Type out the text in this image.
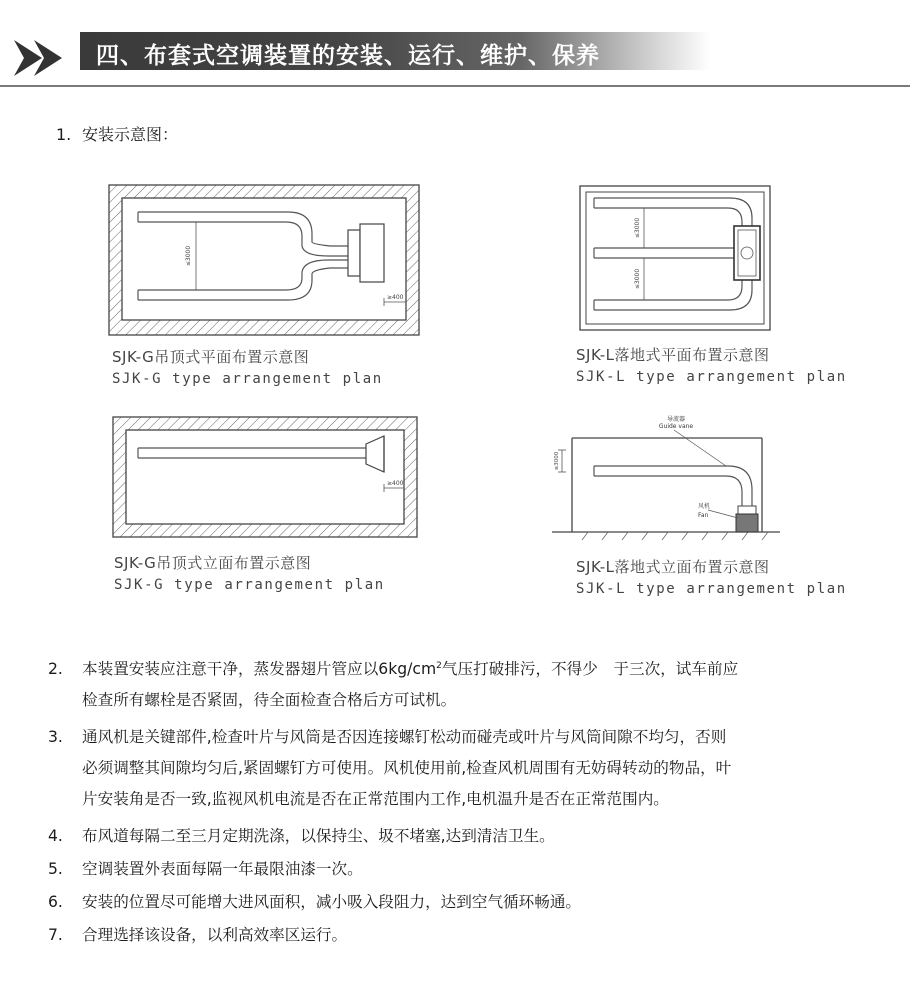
四、布套式空调装置的安装、运行、维护、保养
1. 安装示意图：
≤3000
≥400
SJK-G吊顶式平面布置示意图
SJK-G type arrangement plan
≤3000
≤3000
SJK-L落地式平面布置示意图
SJK-L type arrangement plan
≥400
SJK-G吊顶式立面布置示意图
SJK-G type arrangement plan
≤3000
导流器
Guide vane
风机
Fan
SJK-L落地式立面布置示意图
SJK-L type arrangement plan
2.	本装置安装应注意干净，蒸发器翅片管应以$6kg/cm^2$气压打破排污，不得少　于三次，试车前应
检查所有螺栓是否紧固，待全面检查合格后方可试机。
3.	通风机是关键部件,检查叶片与风筒是否因连接螺钉松动而碰壳或叶片与风筒间隙不均匀，否则
必须调整其间隙均匀后,紧固螺钉方可使用。风机使用前,检查风机周围有无妨碍转动的物品，叶
片安装角是否一致,监视风机电流是否在正常范围内工作,电机温升是否在正常范围内。
4.	布风道每隔二至三月定期洗涤，以保持尘、圾不堵塞,达到清洁卫生。
5.	空调装置外表面每隔一年最限油漆一次。
6.	安装的位置尽可能增大进风面积，减小吸入段阻力，达到空气循环畅通。
7.	合理选择该设备，以利高效率区运行。
